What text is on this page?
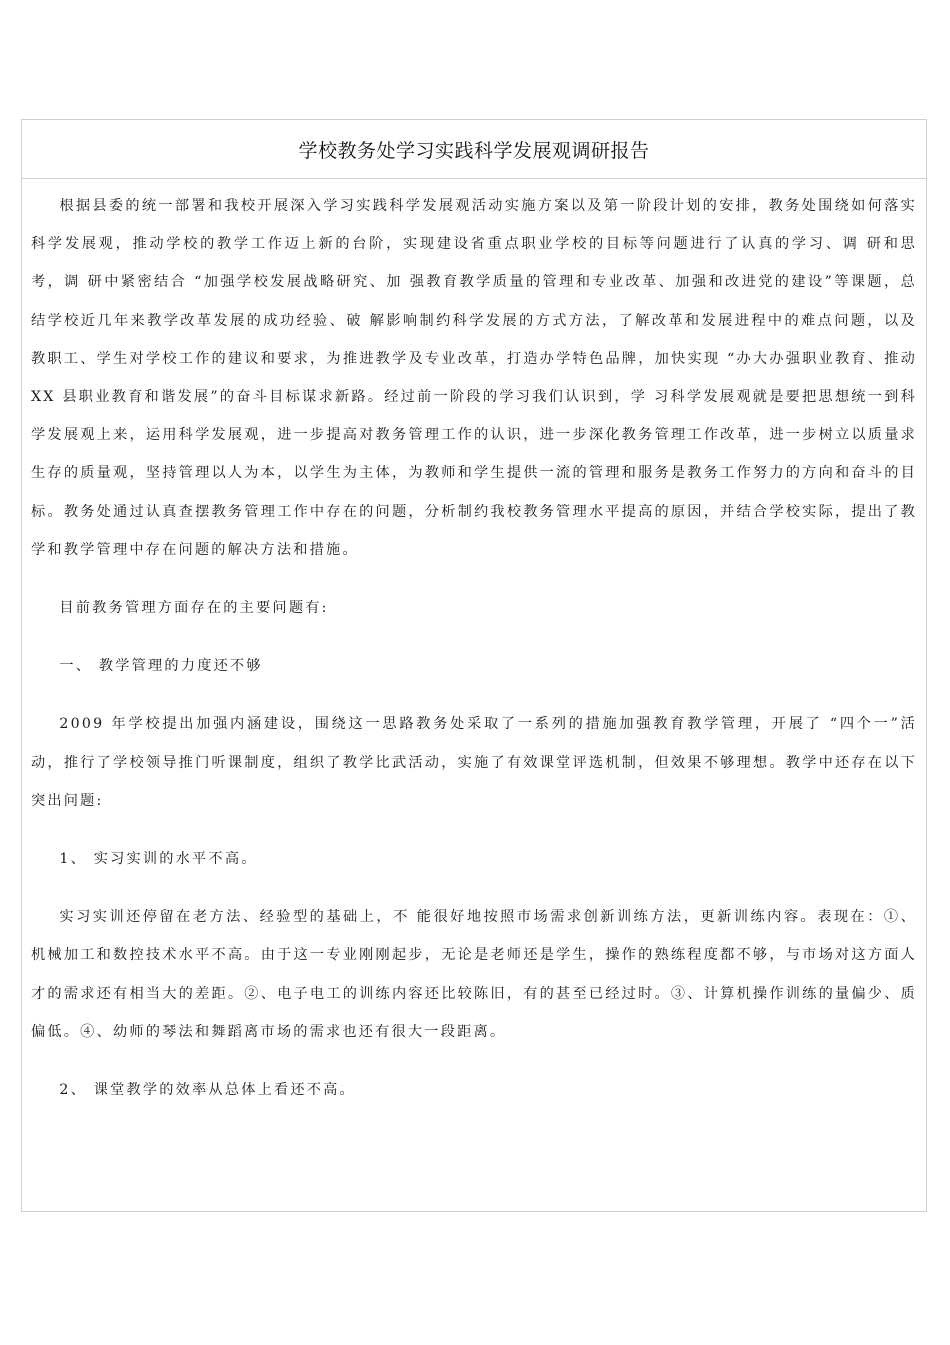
学校教务处学习实践科学发展观调研报告

根据县委的统一部署和我校开展深入学习实践科学发展观活动实施方案以及第一阶段计划的安排，教务处围绕如何落实科学发展观，推动学校的教学工作迈上新的台阶，实现建设省重点职业学校的目标等问题进行了认真的学习、调 研和思考，调 研中紧密结合 “加强学校发展战略研究、加 强教育教学质量的管理和专业改革、加强和改进党的建设”等课题，总 结学校近几年来教学改革发展的成功经验、破 解影响制约科学发展的方式方法，了解改革和发展进程中的难点问题，以及教职工、学生对学校工作的建议和要求，为推进教学及专业改革，打造办学特色品牌，加快实现 “办大办强职业教育、推动 XX 县职业教育和谐发展”的奋斗目标谋求新路。经过前一阶段的学习我们认识到，学 习科学发展观就是要把思想统一到科学发展观上来，运用科学发展观，进一步提高对教务管理工作的认识，进一步深化教务管理工作改革，进一步树立以质量求生存的质量观，坚持管理以人为本，以学生为主体，为教师和学生提供一流的管理和服务是教务工作努力的方向和奋斗的目标。教务处通过认真查摆教务管理工作中存在的问题，分析制约我校教务管理水平提高的原因，并结合学校实际，提出了教学和教学管理中存在问题的解决方法和措施。

目前教务管理方面存在的主要问题有:

一、 教学管理的力度还不够

2009 年学校提出加强内涵建设，围绕这一思路教务处采取了一系列的措施加强教育教学管理，开展了 “四个一”活动，推行了学校领导推门听课制度，组织了教学比武活动，实施了有效课堂评选机制，但效果不够理想。教学中还存在以下突出问题:

1、 实习实训的水平不高。

实习实训还停留在老方法、经验型的基础上，不 能很好地按照市场需求创新训练方法，更新训练内容。表现在：①、机械加工和数控技术水平不高。由于这一专业刚刚起步，无论是老师还是学生，操作的熟练程度都不够，与市场对这方面人才的需求还有相当大的差距。②、电子电工的训练内容还比较陈旧，有的甚至已经过时。③、计算机操作训练的量偏少、质偏低。④、幼师的琴法和舞蹈离市场的需求也还有很大一段距离。

2、 课堂教学的效率从总体上看还不高。
